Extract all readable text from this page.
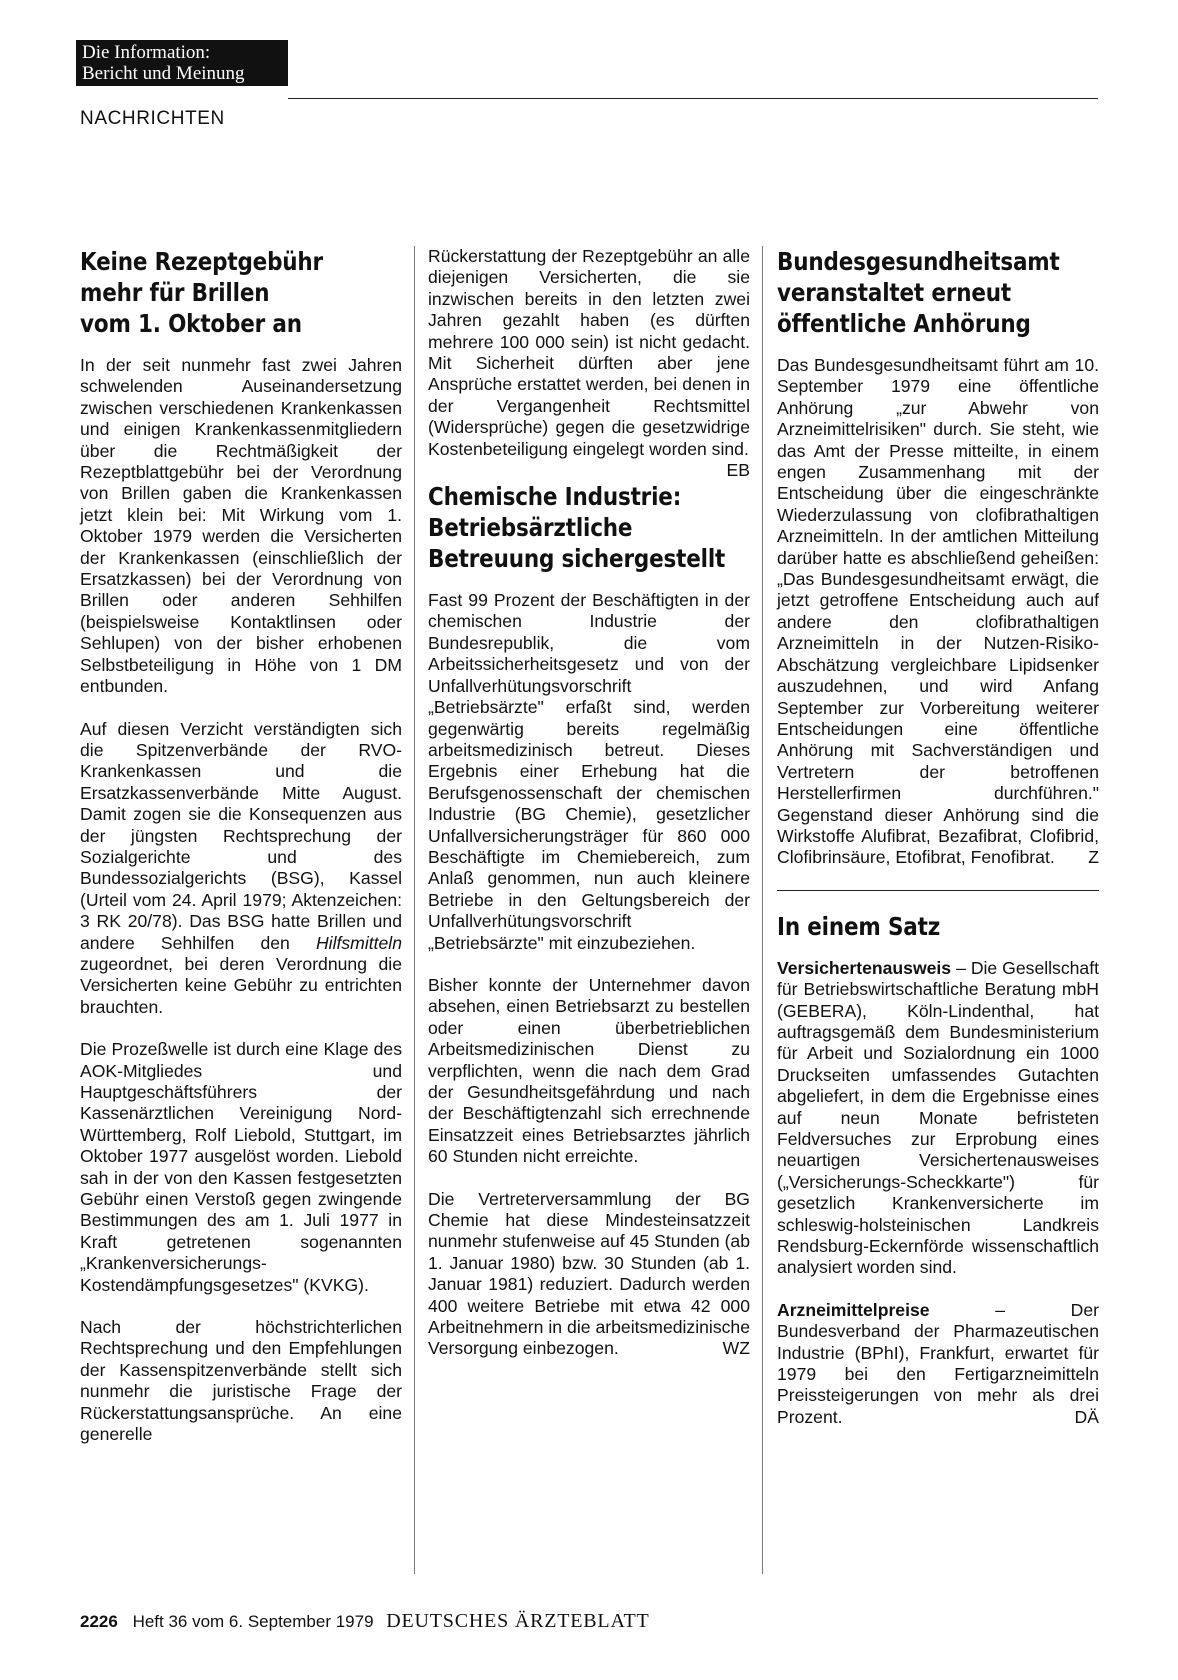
Die Information:
Bericht und Meinung
NACHRICHTEN
Keine Rezeptgebühr
mehr für Brillen
vom 1. Oktober an

In der seit nunmehr fast zwei Jahren schwelenden Auseinandersetzung zwischen verschiedenen Krankenkassen und einigen Krankenkassenmitgliedern über die Rechtmäßigkeit der Rezeptblattgebühr bei der Verordnung von Brillen gaben die Krankenkassen jetzt klein bei: Mit Wirkung vom 1. Oktober 1979 werden die Versicherten der Krankenkassen (einschließlich der Ersatzkassen) bei der Verordnung von Brillen oder anderen Sehhilfen (beispielsweise Kontaktlinsen oder Sehlupen) von der bisher erhobenen Selbstbeteiligung in Höhe von 1 DM entbunden.

Auf diesen Verzicht verständigten sich die Spitzenverbände der RVO-Krankenkassen und die Ersatzkassenverbände Mitte August. Damit zogen sie die Konsequenzen aus der jüngsten Rechtsprechung der Sozialgerichte und des Bundessozialgerichts (BSG), Kassel (Urteil vom 24. April 1979; Aktenzeichen: 3 RK 20/78). Das BSG hatte Brillen und andere Sehhilfen den Hilfsmitteln zugeordnet, bei deren Verordnung die Versicherten keine Gebühr zu entrichten brauchten.

Die Prozeßwelle ist durch eine Klage des AOK-Mitgliedes und Hauptgeschäftsführers der Kassenärztlichen Vereinigung Nord-Württemberg, Rolf Liebold, Stuttgart, im Oktober 1977 ausgelöst worden. Liebold sah in der von den Kassen festgesetzten Gebühr einen Verstoß gegen zwingende Bestimmungen des am 1. Juli 1977 in Kraft getretenen sogenannten „Krankenversicherungs-Kostendämpfungsgesetzes" (KVKG).

Nach der höchstrichterlichen Rechtsprechung und den Empfehlungen der Kassenspitzenverbände stellt sich nunmehr die juristische Frage der Rückerstattungsansprüche. An eine generelle

Rückerstattung der Rezeptgebühr an alle diejenigen Versicherten, die sie inzwischen bereits in den letzten zwei Jahren gezahlt haben (es dürften mehrere 100 000 sein) ist nicht gedacht. Mit Sicherheit dürften aber jene Ansprüche erstattet werden, bei denen in der Vergangenheit Rechtsmittel (Widersprüche) gegen die gesetzwidrige Kostenbeteiligung eingelegt worden sind.
EB

Chemische Industrie:
Betriebsärztliche
Betreuung sichergestellt

Fast 99 Prozent der Beschäftigten in der chemischen Industrie der Bundesrepublik, die vom Arbeitssicherheitsgesetz und von der Unfallverhütungsvorschrift „Betriebsärzte" erfaßt sind, werden gegenwärtig bereits regelmäßig arbeitsmedizinisch betreut. Dieses Ergebnis einer Erhebung hat die Berufsgenossenschaft der chemischen Industrie (BG Chemie), gesetzlicher Unfallversicherungsträger für 860 000 Beschäftigte im Chemiebereich, zum Anlaß genommen, nun auch kleinere Betriebe in den Geltungsbereich der Unfallverhütungsvorschrift „Betriebsärzte" mit einzubeziehen.

Bisher konnte der Unternehmer davon absehen, einen Betriebsarzt zu bestellen oder einen überbetrieblichen Arbeitsmedizinischen Dienst zu verpflichten, wenn die nach dem Grad der Gesundheitsgefährdung und nach der Beschäftigtenzahl sich errechnende Einsatzzeit eines Betriebsarztes jährlich 60 Stunden nicht erreichte.

Die Vertreterversammlung der BG Chemie hat diese Mindesteinsatzzeit nunmehr stufenweise auf 45 Stunden (ab 1. Januar 1980) bzw. 30 Stunden (ab 1. Januar 1981) reduziert. Dadurch werden 400 weitere Betriebe mit etwa 42 000 Arbeitnehmern in die arbeitsmedizinische Versorgung einbezogen.	WZ

Bundesgesundheitsamt
veranstaltet erneut
öffentliche Anhörung

Das Bundesgesundheitsamt führt am 10. September 1979 eine öffentliche Anhörung „zur Abwehr von Arzneimittelrisiken" durch. Sie steht, wie das Amt der Presse mitteilte, in einem engen Zusammenhang mit der Entscheidung über die eingeschränkte Wiederzulassung von clofibrathaltigen Arzneimitteln. In der amtlichen Mitteilung darüber hatte es abschließend geheißen: „Das Bundesgesundheitsamt erwägt, die jetzt getroffene Entscheidung auch auf andere den clofibrathaltigen Arzneimitteln in der Nutzen-Risiko-Abschätzung vergleichbare Lipidsenker auszudehnen, und wird Anfang September zur Vorbereitung weiterer Entscheidungen eine öffentliche Anhörung mit Sachverständigen und Vertretern der betroffenen Herstellerfirmen durchführen." Gegenstand dieser Anhörung sind die Wirkstoffe Alufibrat, Bezafibrat, Clofibrid, Clofibrinsäure, Etofibrat, Fenofibrat. Z

In einem Satz

Versichertenausweis – Die Gesellschaft für Betriebswirtschaftliche Beratung mbH (GEBERA), Köln-Lindenthal, hat auftragsgemäß dem Bundesministerium für Arbeit und Sozialordnung ein 1000 Druckseiten umfassendes Gutachten abgeliefert, in dem die Ergebnisse eines auf neun Monate befristeten Feldversuches zur Erprobung eines neuartigen Versichertenausweises („Versicherungs-Scheckkarte") für gesetzlich Krankenversicherte im schleswig-holsteinischen Landkreis Rendsburg-Eckernförde wissenschaftlich analysiert worden sind.

Arzneimittelpreise	– Der Bundesverband der Pharmazeutischen Industrie (BPhI), Frankfurt, erwartet für 1979 bei den Fertigarzneimitteln Preissteigerungen von mehr als drei Prozent.	DÄ

2226 Heft 36 vom 6. September 1979 DEUTSCHES ÄRZTEBLATT
